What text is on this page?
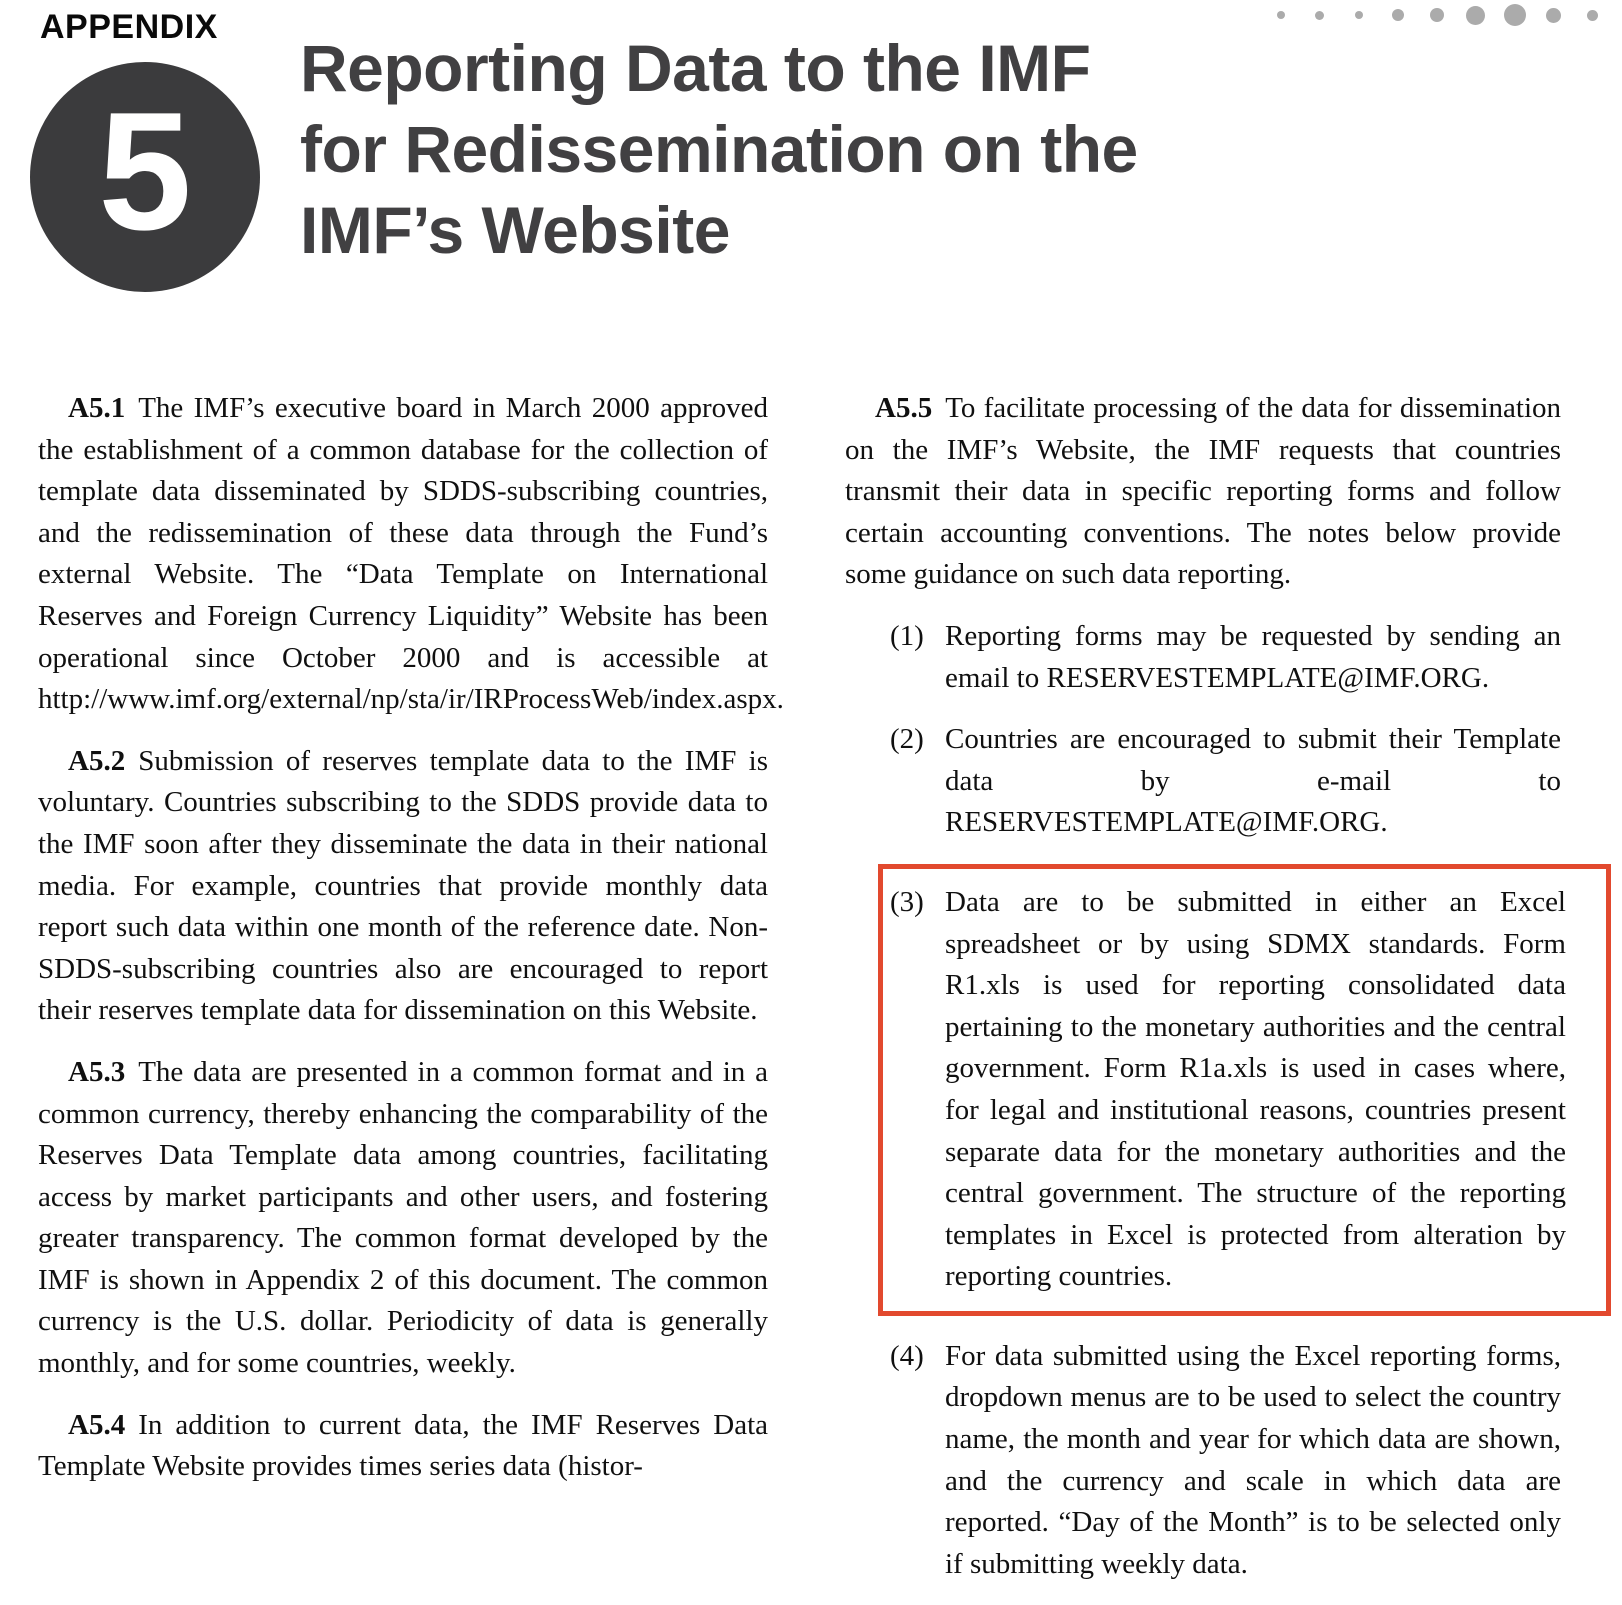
APPENDIX
5
Reporting Data to the IMF
for Redissemination on the
IMF’s Website

A5.1 The IMF’s executive board in March 2000 approved the establishment of a common database for the collection of template data disseminated by SDDS-subscribing countries, and the redissemination of these data through the Fund’s external Website. The “Data Template on International Reserves and Foreign Currency Liquidity” Website has been operational since October 2000 and is accessible at http://www.imf.org/external/np/sta/ir/IRProcessWeb/index.aspx.

A5.2 Submission of reserves template data to the IMF is voluntary. Countries subscribing to the SDDS provide data to the IMF soon after they disseminate the data in their national media. For example, countries that provide monthly data report such data within one month of the reference date. Non-SDDS-subscribing countries also are encouraged to report their reserves template data for dissemination on this Website.

A5.3 The data are presented in a common format and in a common currency, thereby enhancing the comparability of the Reserves Data Template data among countries, facilitating access by market participants and other users, and fostering greater transparency. The common format developed by the IMF is shown in Appendix 2 of this document. The common currency is the U.S. dollar. Periodicity of data is generally monthly, and for some countries, weekly.

A5.4 In addition to current data, the IMF Reserves Data Template Website provides times series data (histor-

A5.5 To facilitate processing of the data for dissemination on the IMF’s Website, the IMF requests that countries transmit their data in specific reporting forms and follow certain accounting conventions. The notes below provide some guidance on such data reporting.

(1) Reporting forms may be requested by sending an email to RESERVESTEMPLATE@IMF.ORG.
(2) Countries are encouraged to submit their Template data by e-mail to RESERVESTEMPLATE@IMF.ORG.
(3) Data are to be submitted in either an Excel spreadsheet or by using SDMX standards. Form R1.xls is used for reporting consolidated data pertaining to the monetary authorities and the central government. Form R1a.xls is used in cases where, for legal and institutional reasons, countries present separate data for the monetary authorities and the central government. The structure of the reporting templates in Excel is protected from alteration by reporting countries.
(4) For data submitted using the Excel reporting forms, dropdown menus are to be used to select the country name, the month and year for which data are shown, and the currency and scale in which data are reported. “Day of the Month” is to be selected only if submitting weekly data.
